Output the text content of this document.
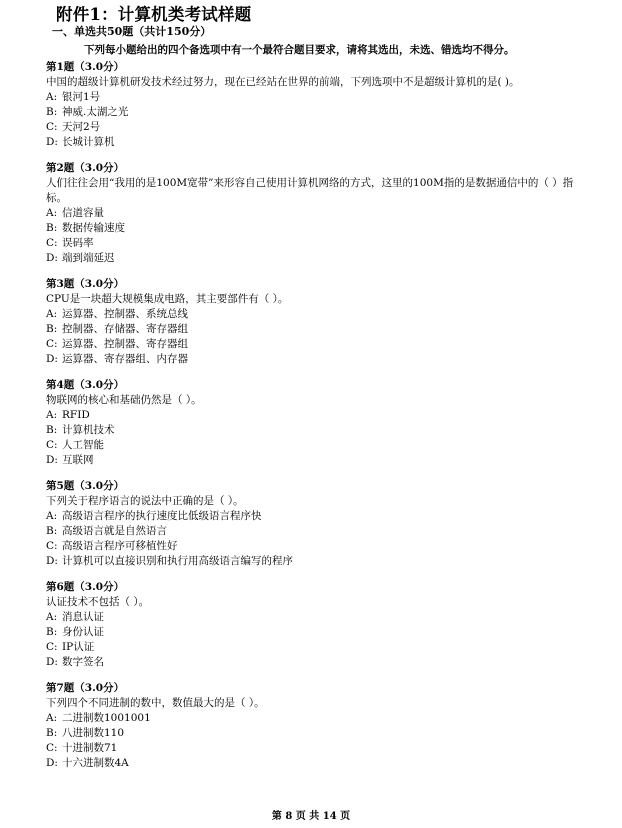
附件1：计算机类考试样题
一、单选共50题（共计150分）
下列每小题给出的四个备选项中有一个最符合题目要求，请将其选出，未选、错选均不得分。
第1题（3.0分）
中国的超级计算机研发技术经过努力，现在已经站在世界的前端，下列选项中不是超级计算机的是( )。
A: 银河1号
B: 神威.太湖之光
C: 天河2号
D: 长城计算机
第2题（3.0分）
人们往往会用“我用的是100M宽带”来形容自己使用计算机网络的方式，这里的100M指的是数据通信中的（ ）指标。
A: 信道容量
B: 数据传输速度
C: 误码率
D: 端到端延迟
第3题（3.0分）
CPU是一块超大规模集成电路，其主要部件有（ ）。
A: 运算器、控制器、系统总线
B: 控制器、存储器、寄存器组
C: 运算器、控制器、寄存器组
D: 运算器、寄存器组、内存器
第4题（3.0分）
物联网的核心和基础仍然是（ ）。
A: RFID
B: 计算机技术
C: 人工智能
D: 互联网
第5题（3.0分）
下列关于程序语言的说法中正确的是（ ）。
A: 高级语言程序的执行速度比低级语言程序快
B: 高级语言就是自然语言
C: 高级语言程序可移植性好
D: 计算机可以直接识别和执行用高级语言编写的程序
第6题（3.0分）
认证技术不包括（ ）。
A: 消息认证
B: 身份认证
C: IP认证
D: 数字签名
第7题（3.0分）
下列四个不同进制的数中，数值最大的是（ ）。
A: 二进制数1001001
B: 八进制数110
C: 十进制数71
D: 十六进制数4A
第 8 页 共 14 页
